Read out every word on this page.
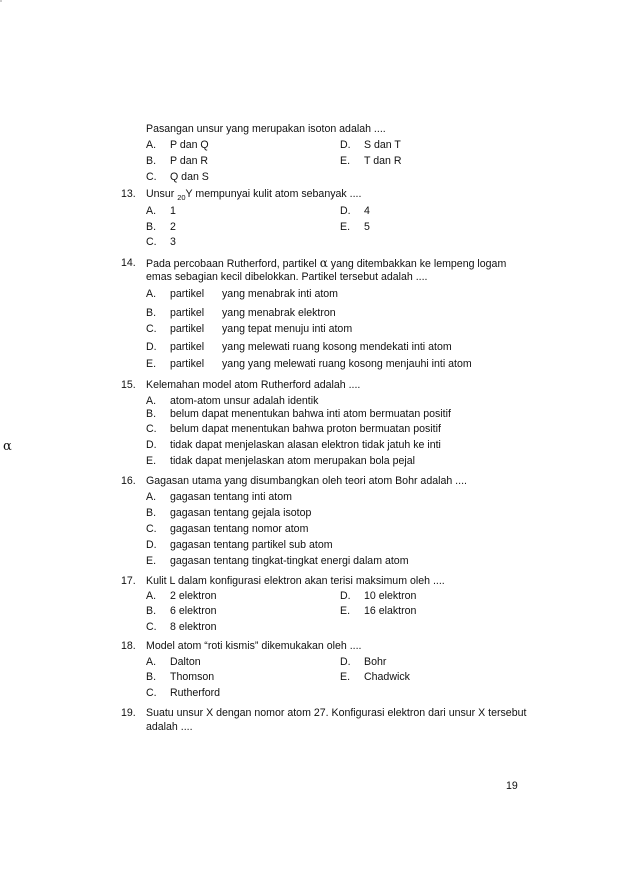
α
Pasangan unsur yang merupakan isoton adalah ....
A. P dan Q	D. S dan T
B. P dan R	E. T dan R
C. Q dan S
13. Unsur $_{20}$Y mempunyai kulit atom sebanyak ....
A. 1	D. 4
B. 2	E. 5
C. 3
14. Pada percobaan Rutherford, partikel α yang ditembakkan ke lempeng logam
emas sebagian kecil dibelokkan. Partikel tersebut adalah ....
A. partikel yang menabrak inti atom
B. partikel yang menabrak elektron
C. partikel yang tepat menuju inti atom
D. partikel yang melewati ruang kosong mendekati inti atom
E. partikel yang yang melewati ruang kosong menjauhi inti atom
15. Kelemahan model atom Rutherford adalah ....
A. atom-atom unsur adalah identik
B. belum dapat menentukan bahwa inti atom bermuatan positif
C. belum dapat menentukan bahwa proton bermuatan positif
D. tidak dapat menjelaskan alasan elektron tidak jatuh ke inti
E. tidak dapat menjelaskan atom merupakan bola pejal
16. Gagasan utama yang disumbangkan oleh teori atom Bohr adalah ....
A. gagasan tentang inti atom
B. gagasan tentang gejala isotop
C. gagasan tentang nomor atom
D. gagasan tentang partikel sub atom
E. gagasan tentang tingkat-tingkat energi dalam atom
17. Kulit L dalam konfigurasi elektron akan terisi maksimum oleh ....
A. 2 elektron	D. 10 elektron
B. 6 elektron	E. 16 elaktron
C. 8 elektron
18. Model atom “roti kismis” dikemukakan oleh ....
A. Dalton	D. Bohr
B. Thomson	E. Chadwick
C. Rutherford
19. Suatu unsur X dengan nomor atom 27. Konfigurasi elektron dari unsur X tersebut
adalah ....
19
